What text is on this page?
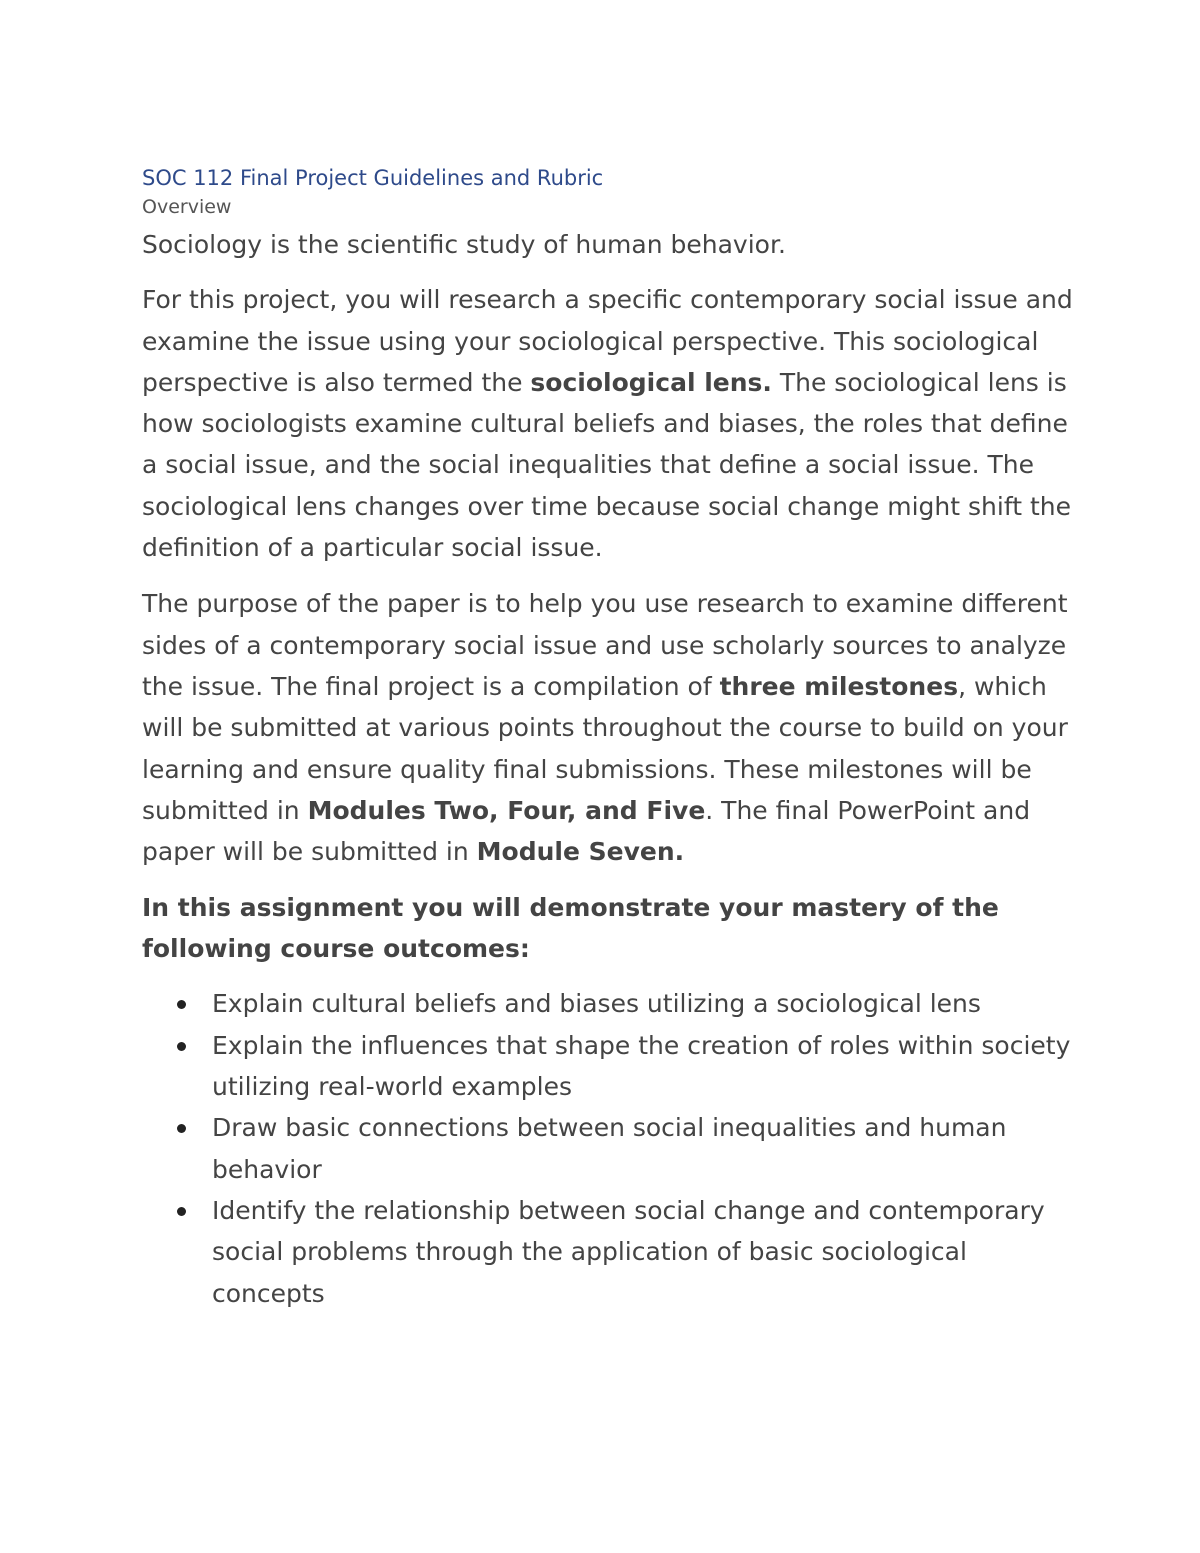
SOC 112 Final Project Guidelines and Rubric
Overview

Sociology is the scientific study of human behavior.

For this project, you will research a specific contemporary social issue and examine the issue using your sociological perspective. This sociological perspective is also termed the sociological lens. The sociological lens is how sociologists examine cultural beliefs and biases, the roles that define a social issue, and the social inequalities that define a social issue. The sociological lens changes over time because social change might shift the definition of a particular social issue.

The purpose of the paper is to help you use research to examine different sides of a contemporary social issue and use scholarly sources to analyze the issue. The final project is a compilation of three milestones, which will be submitted at various points throughout the course to build on your learning and ensure quality final submissions. These milestones will be submitted in Modules Two, Four, and Five. The final PowerPoint and paper will be submitted in Module Seven.

In this assignment you will demonstrate your mastery of the following course outcomes:

Explain cultural beliefs and biases utilizing a sociological lens
Explain the influences that shape the creation of roles within society utilizing real-world examples
Draw basic connections between social inequalities and human behavior
Identify the relationship between social change and contemporary social problems through the application of basic sociological concepts
